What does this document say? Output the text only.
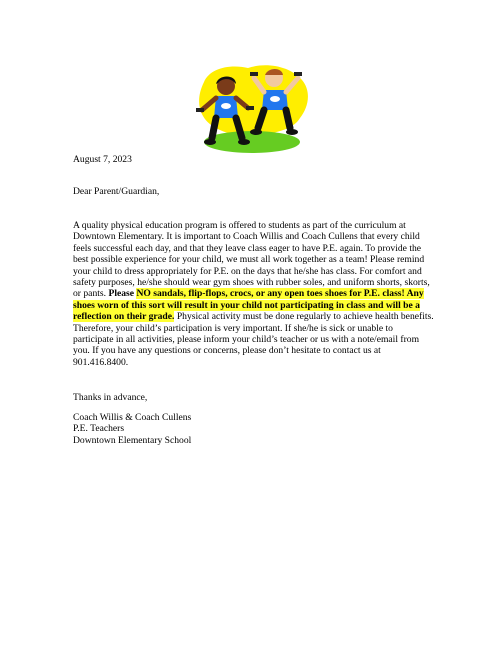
August 7, 2023
Dear Parent/Guardian,
A quality physical education program is offered to students as part of the curriculum at Downtown Elementary. It is important to Coach Willis and Coach Cullens that every child feels successful each day, and that they leave class eager to have P.E. again. To provide the best possible experience for your child, we must all work together as a team! Please remind your child to dress appropriately for P.E. on the days that he/she has class. For comfort and safety purposes, he/she should wear gym shoes with rubber soles, and uniform shorts, skorts, or pants. Please NO sandals, flip-flops, crocs, or any open toes shoes for P.E. class! Any shoes worn of this sort will result in your child not participating in class and will be a reflection on their grade. Physical activity must be done regularly to achieve health benefits. Therefore, your child’s participation is very important. If she/he is sick or unable to participate in all activities, please inform your child’s teacher or us with a note/email from you. If you have any questions or concerns, please don’t hesitate to contact us at 901.416.8400.
Thanks in advance,
Coach Willis & Coach Cullens
P.E. Teachers
Downtown Elementary School
